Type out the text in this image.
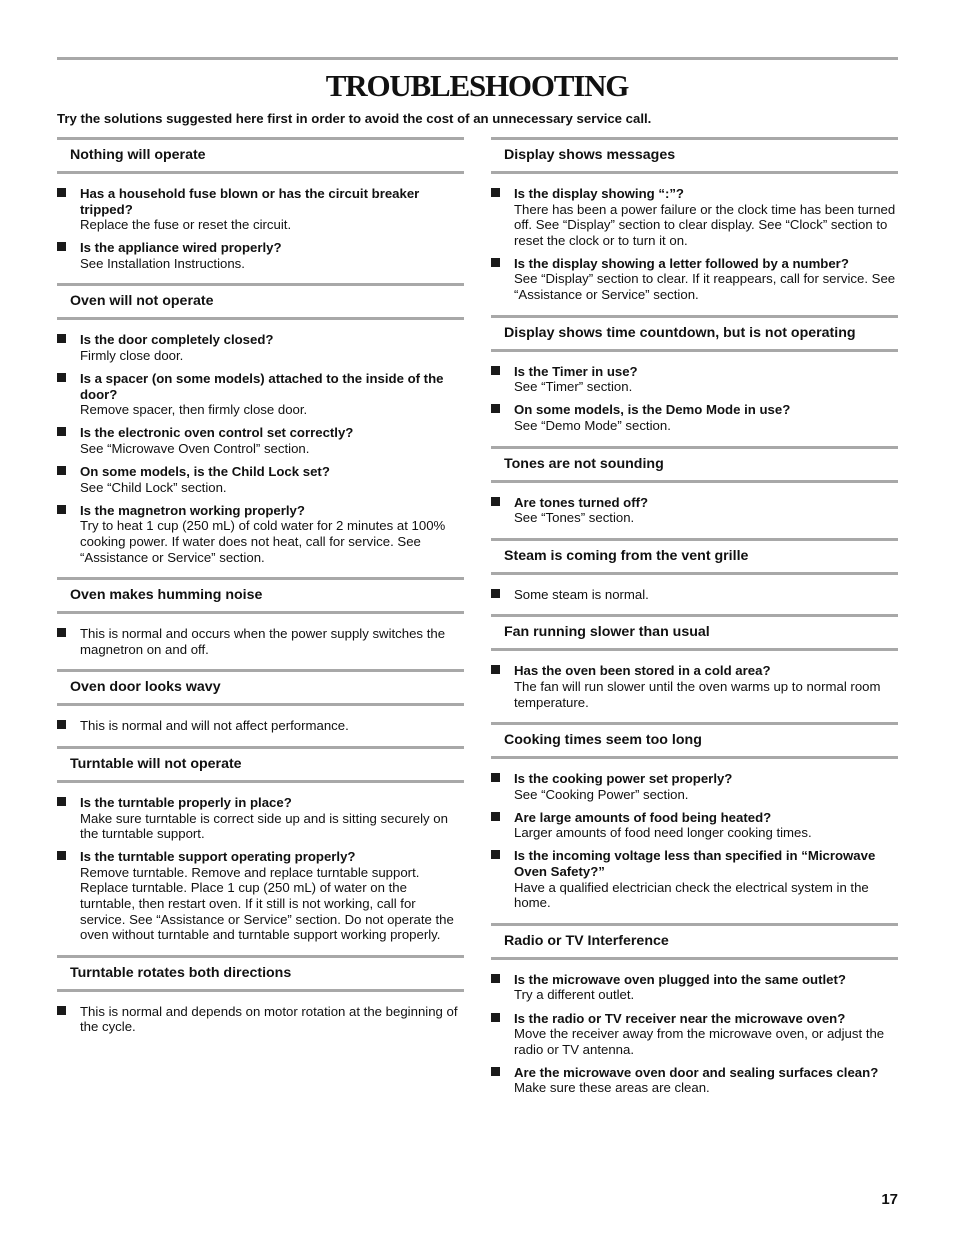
TROUBLESHOOTING
Try the solutions suggested here first in order to avoid the cost of an unnecessary service call.
Nothing will operate
Has a household fuse blown or has the circuit breaker tripped?
Replace the fuse or reset the circuit.
Is the appliance wired properly?
See Installation Instructions.
Oven will not operate
Is the door completely closed?
Firmly close door.
Is a spacer (on some models) attached to the inside of the door?
Remove spacer, then firmly close door.
Is the electronic oven control set correctly?
See “Microwave Oven Control” section.
On some models, is the Child Lock set?
See “Child Lock” section.
Is the magnetron working properly?
Try to heat 1 cup (250 mL) of cold water for 2 minutes at 100% cooking power. If water does not heat, call for service. See “Assistance or Service” section.
Oven makes humming noise
This is normal and occurs when the power supply switches the magnetron on and off.
Oven door looks wavy
This is normal and will not affect performance.
Turntable will not operate
Is the turntable properly in place?
Make sure turntable is correct side up and is sitting securely on the turntable support.
Is the turntable support operating properly?
Remove turntable. Remove and replace turntable support. Replace turntable. Place 1 cup (250 mL) of water on the turntable, then restart oven. If it still is not working, call for service. See “Assistance or Service” section. Do not operate the oven without turntable and turntable support working properly.
Turntable rotates both directions
This is normal and depends on motor rotation at the beginning of the cycle.
Display shows messages
Is the display showing “:”?
There has been a power failure or the clock time has been turned off. See “Display” section to clear display. See “Clock” section to reset the clock or to turn it on.
Is the display showing a letter followed by a number?
See “Display” section to clear. If it reappears, call for service. See “Assistance or Service” section.
Display shows time countdown, but is not operating
Is the Timer in use?
See “Timer” section.
On some models, is the Demo Mode in use?
See “Demo Mode” section.
Tones are not sounding
Are tones turned off?
See “Tones” section.
Steam is coming from the vent grille
Some steam is normal.
Fan running slower than usual
Has the oven been stored in a cold area?
The fan will run slower until the oven warms up to normal room temperature.
Cooking times seem too long
Is the cooking power set properly?
See “Cooking Power” section.
Are large amounts of food being heated?
Larger amounts of food need longer cooking times.
Is the incoming voltage less than specified in “Microwave Oven Safety?”
Have a qualified electrician check the electrical system in the home.
Radio or TV Interference
Is the microwave oven plugged into the same outlet?
Try a different outlet.
Is the radio or TV receiver near the microwave oven?
Move the receiver away from the microwave oven, or adjust the radio or TV antenna.
Are the microwave oven door and sealing surfaces clean?
Make sure these areas are clean.
17
